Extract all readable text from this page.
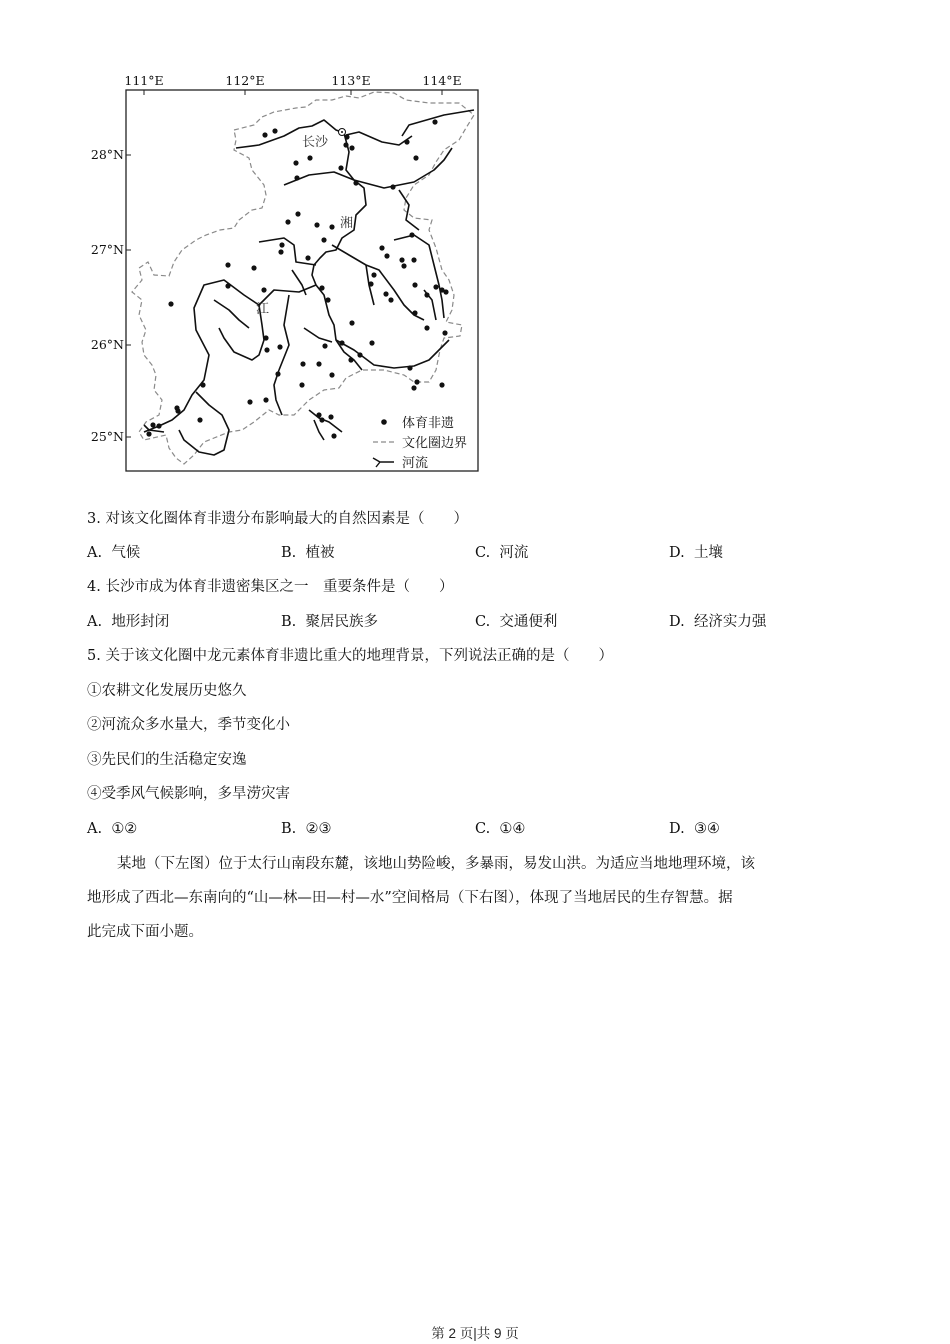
111°E	112°E	113°E	114°E
28°N
27°N
26°N
25°N
长沙
湘
江
体育非遗
文化圈边界
河流
3. 对该文化圈体育非遗分布影响最大的自然因素是（　　）
A. 气候	B. 植被	C. 河流	D. 土壤
4. 长沙市成为体育非遗密集区之一　重要条件是（　　）
A. 地形封闭	B. 聚居民族多	C. 交通便利	D. 经济实力强
5. 关于该文化圈中龙元素体育非遗比重大的地理背景，下列说法正确的是（　　）
①农耕文化发展历史悠久
②河流众多水量大，季节变化小
③先民们的生活稳定安逸
④受季风气候影响，多旱涝灾害
A. ①②	B. ②③	C. ①④	D. ③④
某地（下左图）位于太行山南段东麓，该地山势险峻，多暴雨，易发山洪。为适应当地地理环境，该
地形成了西北—东南向的“山—林—田—村—水”空间格局（下右图），体现了当地居民的生存智慧。据
此完成下面小题。
第 2 页|共 9 页
